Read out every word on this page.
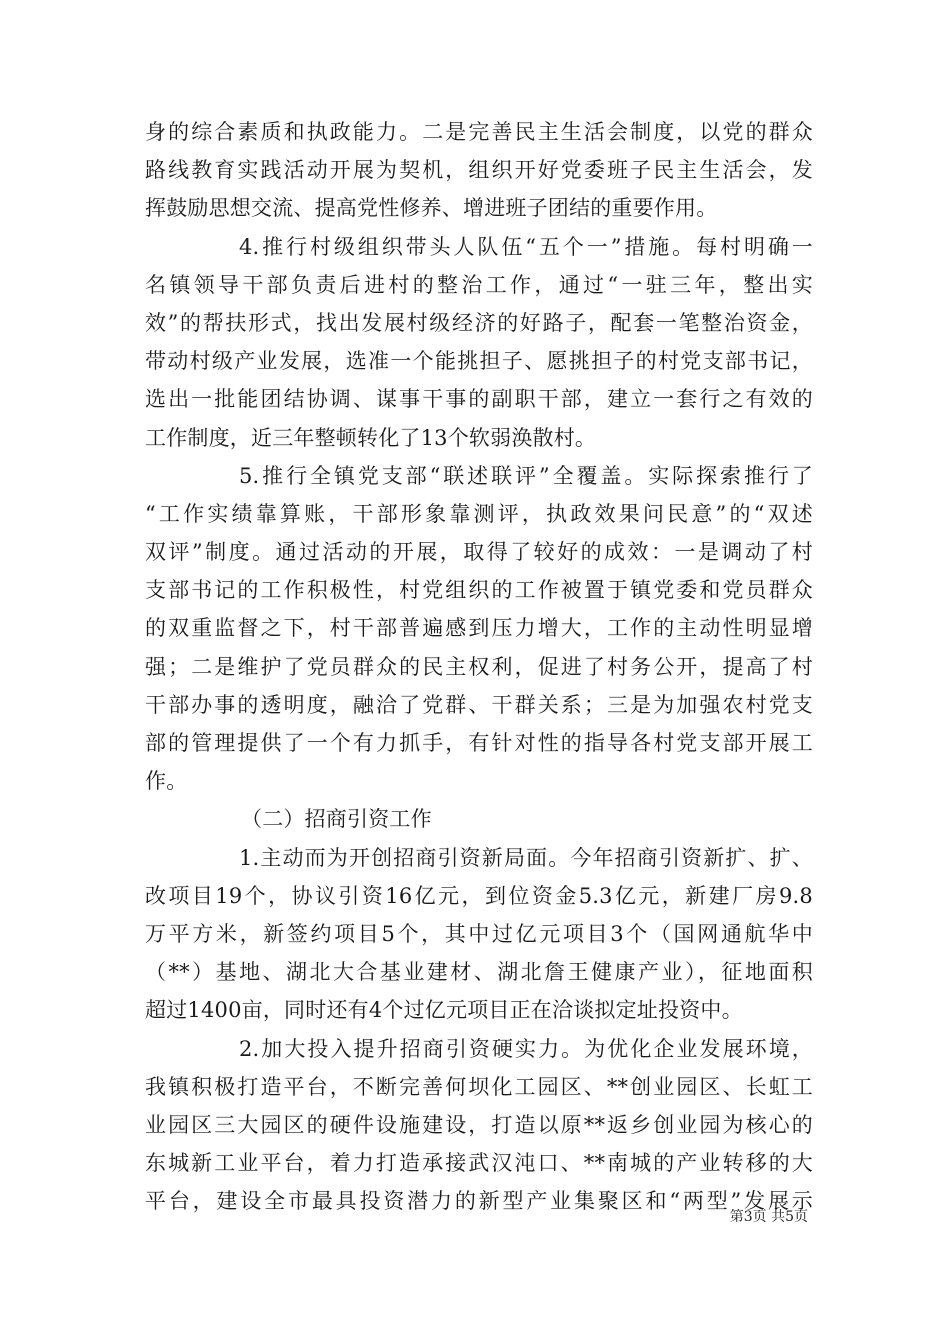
身的综合素质和执政能力。二是完善民主生活会制度，以党的群众
路线教育实践活动开展为契机，组织开好党委班子民主生活会，发
挥鼓励思想交流、提高党性修养、增进班子团结的重要作用。
4.推行村级组织带头人队伍“五个一”措施。每村明确一
名镇领导干部负责后进村的整治工作，通过“一驻三年，整出实
效”的帮扶形式，找出发展村级经济的好路子，配套一笔整治资金，
带动村级产业发展，选准一个能挑担子、愿挑担子的村党支部书记，
选出一批能团结协调、谋事干事的副职干部，建立一套行之有效的
工作制度，近三年整顿转化了13个软弱涣散村。
5.推行全镇党支部“联述联评”全覆盖。实际探索推行了
“工作实绩靠算账，干部形象靠测评，执政效果问民意”的“双述
双评”制度。通过活动的开展，取得了较好的成效：一是调动了村
支部书记的工作积极性，村党组织的工作被置于镇党委和党员群众
的双重监督之下，村干部普遍感到压力增大，工作的主动性明显增
强；二是维护了党员群众的民主权利，促进了村务公开，提高了村
干部办事的透明度，融洽了党群、干群关系；三是为加强农村党支
部的管理提供了一个有力抓手，有针对性的指导各村党支部开展工
作。
（二）招商引资工作
1.主动而为开创招商引资新局面。今年招商引资新扩、扩、
改项目19个，协议引资16亿元，到位资金5.3亿元，新建厂房9.8
万平方米，新签约项目5个，其中过亿元项目3个（国网通航华中
（**）基地、湖北大合基业建材、湖北詹王健康产业），征地面积
超过1400亩，同时还有4个过亿元项目正在洽谈拟定址投资中。
2.加大投入提升招商引资硬实力。为优化企业发展环境，
我镇积极打造平台，不断完善何坝化工园区、**创业园区、长虹工
业园区三大园区的硬件设施建设，打造以原**返乡创业园为核心的
东城新工业平台，着力打造承接武汉沌口、**南城的产业转移的大
平台，建设全市最具投资潜力的新型产业集聚区和“两型”发展示
第3页 共5页
